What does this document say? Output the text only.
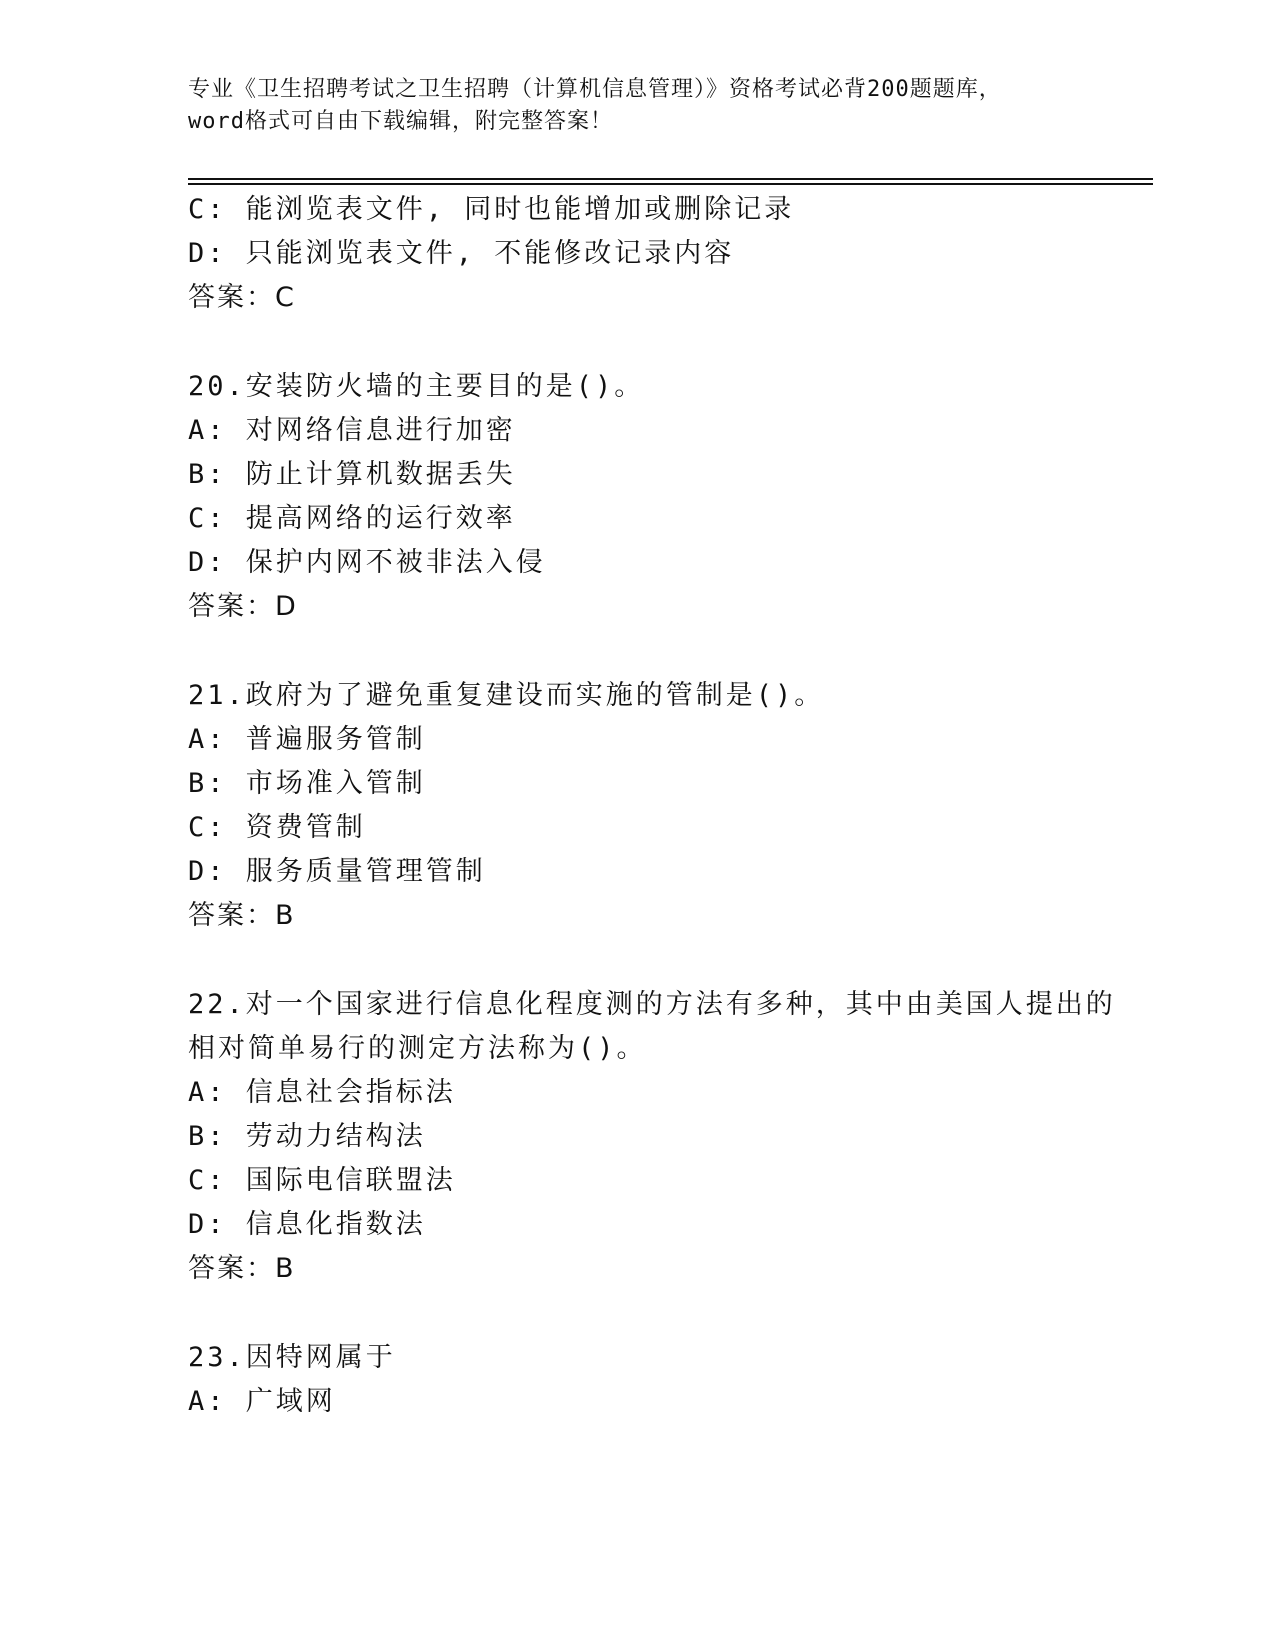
专业《卫生招聘考试之卫生招聘（计算机信息管理）》资格考试必背200题题库，
word格式可自由下载编辑，附完整答案！
C: 能浏览表文件, 同时也能增加或删除记录
D: 只能浏览表文件, 不能修改记录内容
答案：C
20.安装防火墙的主要目的是()。
A: 对网络信息进行加密
B: 防止计算机数据丢失
C: 提高网络的运行效率
D: 保护内网不被非法入侵
答案：D
21.政府为了避免重复建设而实施的管制是()。
A: 普遍服务管制
B: 市场准入管制
C: 资费管制
D: 服务质量管理管制
答案：B
22.对一个国家进行信息化程度测的方法有多种，其中由美国人提出的
相对简单易行的测定方法称为()。
A: 信息社会指标法
B: 劳动力结构法
C: 国际电信联盟法
D: 信息化指数法
答案：B
23.因特网属于
A: 广域网
